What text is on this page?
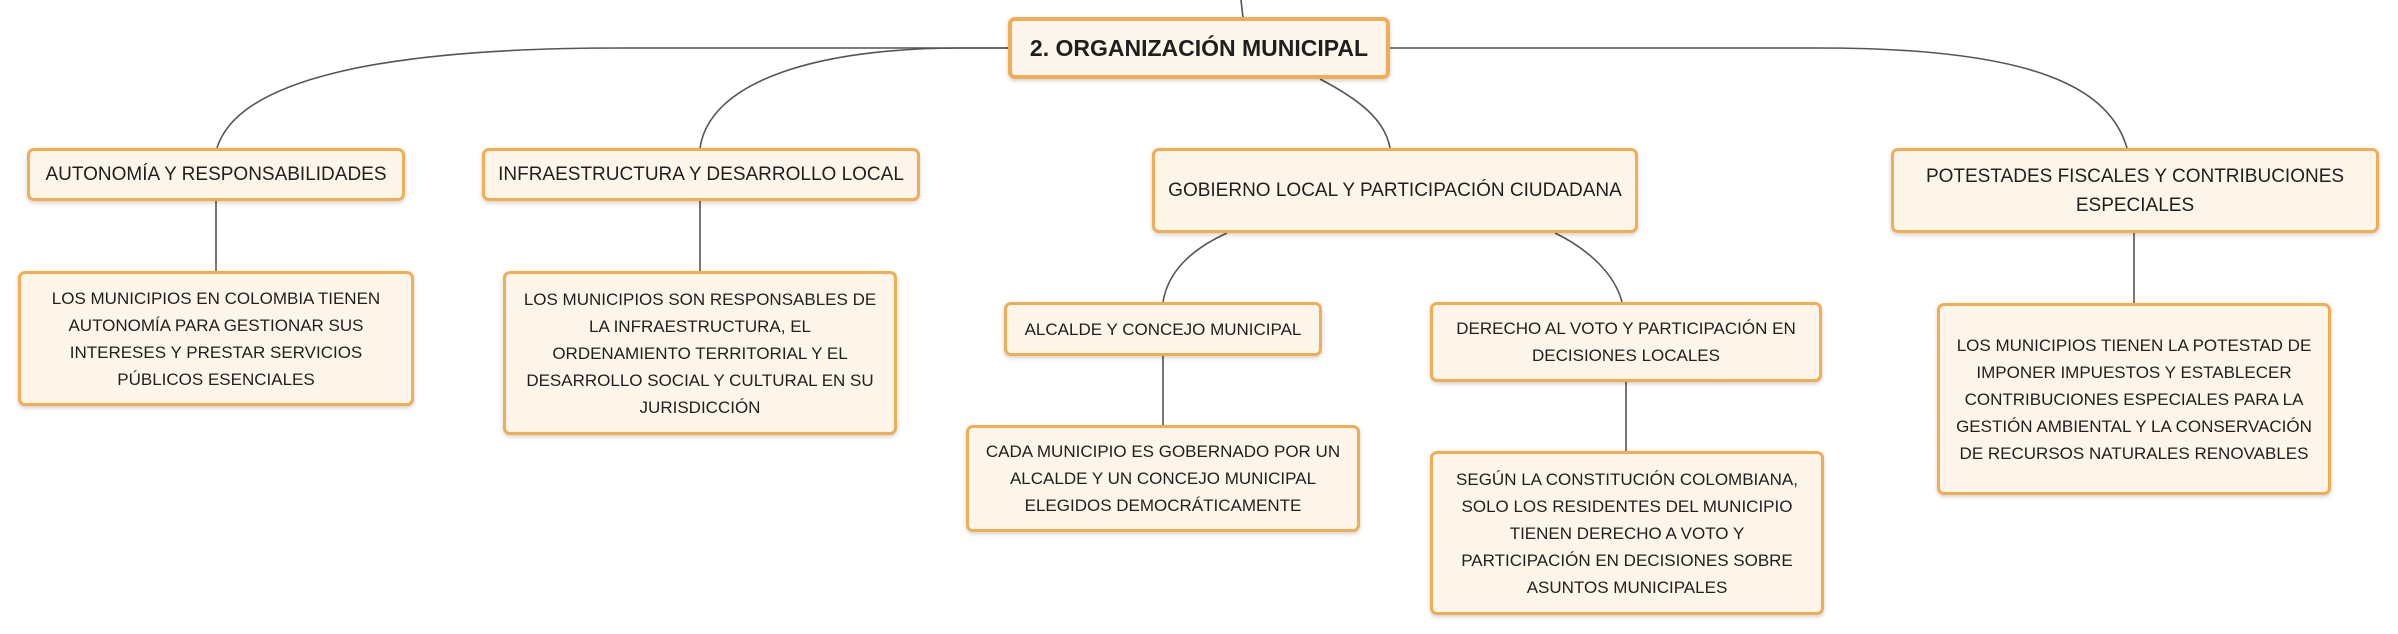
2. ORGANIZACIÓN MUNICIPAL
AUTONOMÍA Y RESPONSABILIDADES
LOS MUNICIPIOS EN COLOMBIA TIENEN AUTONOMÍA PARA GESTIONAR SUS INTERESES Y PRESTAR SERVICIOS PÚBLICOS ESENCIALES
INFRAESTRUCTURA Y DESARROLLO LOCAL
LOS MUNICIPIOS SON RESPONSABLES DE LA INFRAESTRUCTURA, EL ORDENAMIENTO TERRITORIAL Y EL DESARROLLO SOCIAL Y CULTURAL EN SU JURISDICCIÓN
GOBIERNO LOCAL Y PARTICIPACIÓN CIUDADANA
ALCALDE Y CONCEJO MUNICIPAL
CADA MUNICIPIO ES GOBERNADO POR UN ALCALDE Y UN CONCEJO MUNICIPAL ELEGIDOS DEMOCRÁTICAMENTE
DERECHO AL VOTO Y PARTICIPACIÓN EN DECISIONES LOCALES
SEGÚN LA CONSTITUCIÓN COLOMBIANA, SOLO LOS RESIDENTES DEL MUNICIPIO TIENEN DERECHO A VOTO Y PARTICIPACIÓN EN DECISIONES SOBRE ASUNTOS MUNICIPALES
POTESTADES FISCALES Y CONTRIBUCIONES ESPECIALES
LOS MUNICIPIOS TIENEN LA POTESTAD DE IMPONER IMPUESTOS Y ESTABLECER CONTRIBUCIONES ESPECIALES PARA LA GESTIÓN AMBIENTAL Y LA CONSERVACIÓN DE RECURSOS NATURALES RENOVABLES
